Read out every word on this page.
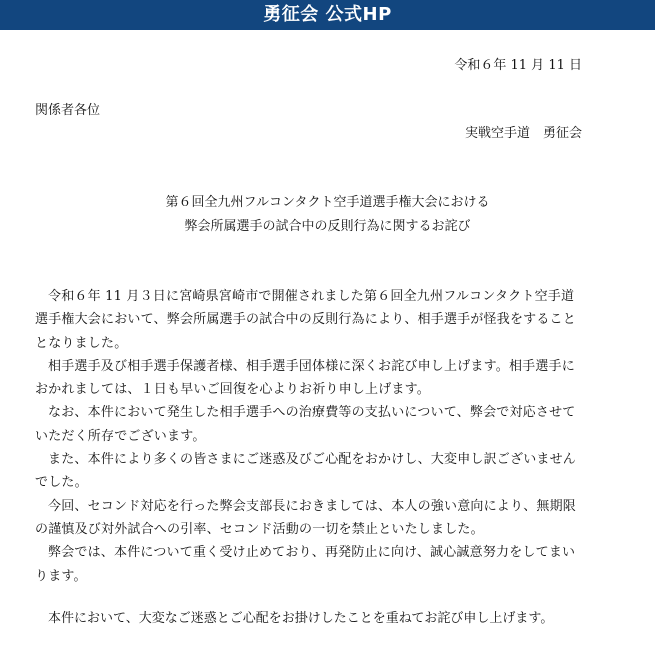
勇征会 公式HP
令和６年 11 月 11 日
関係者各位
実戦空手道　勇征会
第６回全九州フルコンタクト空手道選手権大会における
弊会所属選手の試合中の反則行為に関するお詫び

令和６年 11 月３日に宮崎県宮崎市で開催されました第６回全九州フルコンタクト空手道選手権大会において、弊会所属選手の試合中の反則行為により、相手選手が怪我をすることとなりました。

相手選手及び相手選手保護者様、相手選手団体様に深くお詫び申し上げます。相手選手におかれましては、１日も早いご回復を心よりお祈り申し上げます。

なお、本件において発生した相手選手への治療費等の支払いについて、弊会で対応させていただく所存でございます。

また、本件により多くの皆さまにご迷惑及びご心配をおかけし、大変申し訳ございませんでした。

今回、セコンド対応を行った弊会支部長におきましては、本人の強い意向により、無期限の謹慎及び対外試合への引率、セコンド活動の一切を禁止といたしました。

弊会では、本件について重く受け止めており、再発防止に向け、誠心誠意努力をしてまいります。

本件において、大変なご迷惑とご心配をお掛けしたことを重ねてお詫び申し上げます。
